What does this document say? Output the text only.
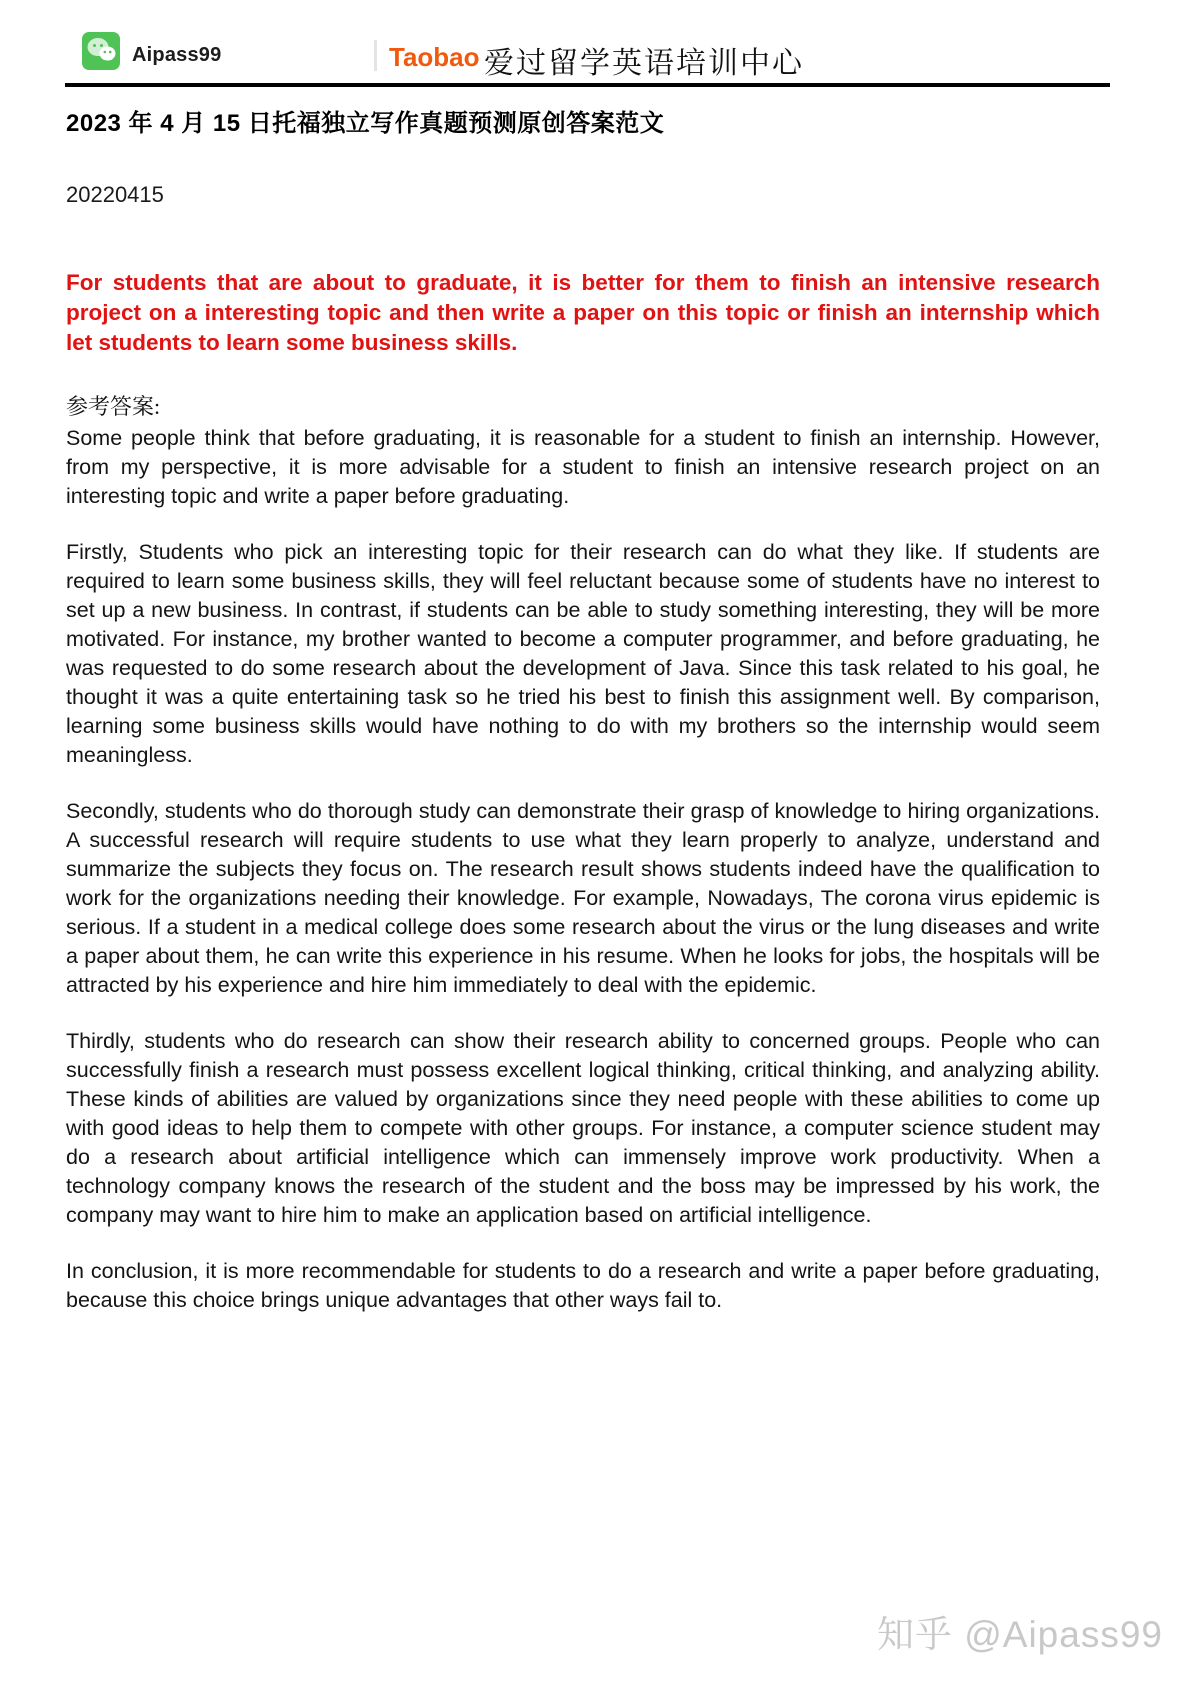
Aipass99	Taobao 爱过留学英语培训中心
2023 年 4 月 15 日托福独立写作真题预测原创答案范文

20220415

For students that are about to graduate, it is better for them to finish an intensive research project on a interesting topic and then write a paper on this topic or finish an internship which let students to learn some business skills.

参考答案:

Some people think that before graduating, it is reasonable for a student to finish an internship. However, from my perspective, it is more advisable for a student to finish an intensive research project on an interesting topic and write a paper before graduating.

Firstly, Students who pick an interesting topic for their research can do what they like. If students are required to learn some business skills, they will feel reluctant because some of students have no interest to set up a new business. In contrast, if students can be able to study something interesting, they will be more motivated. For instance, my brother wanted to become a computer programmer, and before graduating, he was requested to do some research about the development of Java. Since this task related to his goal, he thought it was a quite entertaining task so he tried his best to finish this assignment well. By comparison, learning some business skills would have nothing to do with my brothers so the internship would seem meaningless.

Secondly, students who do thorough study can demonstrate their grasp of knowledge to hiring organizations. A successful research will require students to use what they learn properly to analyze, understand and summarize the subjects they focus on. The research result shows students indeed have the qualification to work for the organizations needing their knowledge. For example, Nowadays, The corona virus epidemic is serious. If a student in a medical college does some research about the virus or the lung diseases and write a paper about them, he can write this experience in his resume. When he looks for jobs, the hospitals will be attracted by his experience and hire him immediately to deal with the epidemic.

Thirdly, students who do research can show their research ability to concerned groups. People who can successfully finish a research must possess excellent logical thinking, critical thinking, and analyzing ability. These kinds of abilities are valued by organizations since they need people with these abilities to come up with good ideas to help them to compete with other groups. For instance, a computer science student may do a research about artificial intelligence which can immensely improve work productivity. When a technology company knows the research of the student and the boss may be impressed by his work, the company may want to hire him to make an application based on artificial intelligence.

In conclusion, it is more recommendable for students to do a research and write a paper before graduating, because this choice brings unique advantages that other ways fail to.

知乎 @Aipass99
